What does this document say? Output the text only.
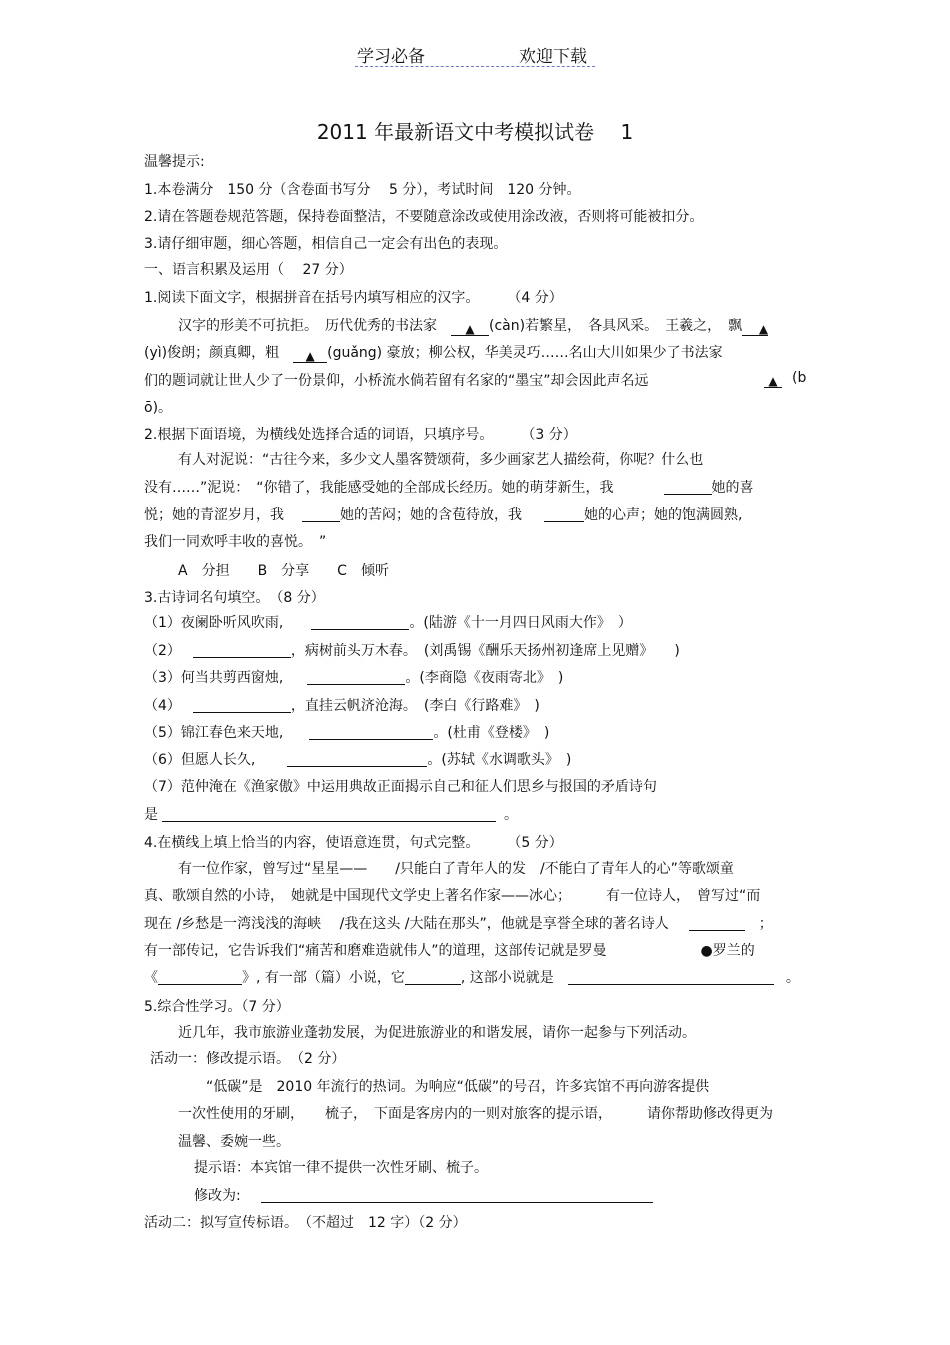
学习必备	欢迎下载
2011 年最新语文中考模拟试卷　 1
温馨提示:
1.本卷满分　150 分（含卷面书写分　 5 分），考试时间　120 分钟。
2.请在答题卷规范答题，保持卷面整洁，不要随意涂改或使用涂改液，否则将可能被扣分。
3.请仔细审题，细心答题，相信自己一定会有出色的表现。
一、语言积累及运用（　 27 分）
1.阅读下面文字，根据拼音在括号内填写相应的汉字。　　　（4 分）
汉字的形美不可抗拒。　历代优秀的书法家　▲ (càn)若繁星，　各具风采。　王羲之，　飘 ▲
(yì)俊朗；颜真卿，粗　▲ (guǎng) 豪放；柳公权，华美灵巧……名山大川如果少了书法家
们的题词就让世人少了一份景仰，小桥流水倘若留有名家的“墨宝”却会因此声名远	▲ (b
ō)。
2.根据下面语境，为横线处选择合适的词语，只填序号。　　　（3 分）
有人对泥说：“古往今来，多少文人墨客赞颂荷，多少画家艺人描绘荷，你呢？什么也
没有……”泥说：　“你错了，我能感受她的全部成长经历。她的萌芽新生，我	她的喜
悦；她的青涩岁月，我	她的苦闷；她的含苞待放，我	她的心声；她的饱满圆熟,
我们一同欢呼丰收的喜悦。　”
A　分担　　B　分享　　C　倾听
3.古诗词名句填空。　（8 分）
（1）夜阑卧听风吹雨,　	。(陆游《十一月四日风雨大作》　）
（2）	，病树前头万木春。　(刘禹锡《酬乐天扬州初逢席上见赠》　　)
（3）何当共剪西窗烛,　	。(李商隐《夜雨寄北》　)
（4）	，直挂云帆济沧海。　(李白《行路难》　)
（5）锦江春色来天地,　	。(杜甫《登楼》　)
（6）但愿人长久,　	。(苏轼《水调歌头》　)
（7）范仲淹在《渔家傲》中运用典故正面揭示自己和征人们思乡与报国的矛盾诗句
是	。
4.在横线上填上恰当的内容，使语意连贯，句式完整。　　　（5 分）
有一位作家，曾写过“星星——　　/只能白了青年人的发　/不能白了青年人的心”等歌颂童
真、歌颂自然的小诗，　她就是中国现代文学史上著名作家——冰心；　　　有一位诗人，　曾写过“而
现在 /乡愁是一湾浅浅的海峡　 /我在这头 /大陆在那头”，他就是享誉全球的著名诗人	；
有一部传记，它告诉我们“痛苦和磨难造就伟人”的道理，这部传记就是罗曼	●罗兰的
《	》, 有一部（篇）小说，它	, 这部小说就是	。
5.综合性学习。（7 分）
近几年，我市旅游业蓬勃发展，为促进旅游业的和谐发展，请你一起参与下列活动。
活动一：修改提示语。　（2 分）
“低碳”是　2010 年流行的热词。为响应“低碳”的号召，许多宾馆不再向游客提供
一次性使用的牙刷，　　梳子，　下面是客房内的一则对旅客的提示语，　　　请你帮助修改得更为
温馨、委婉一些。
提示语：本宾馆一律不提供一次性牙刷、梳子。
修改为:
活动二：拟写宣传标语。　（不超过　12 字）（2 分）
